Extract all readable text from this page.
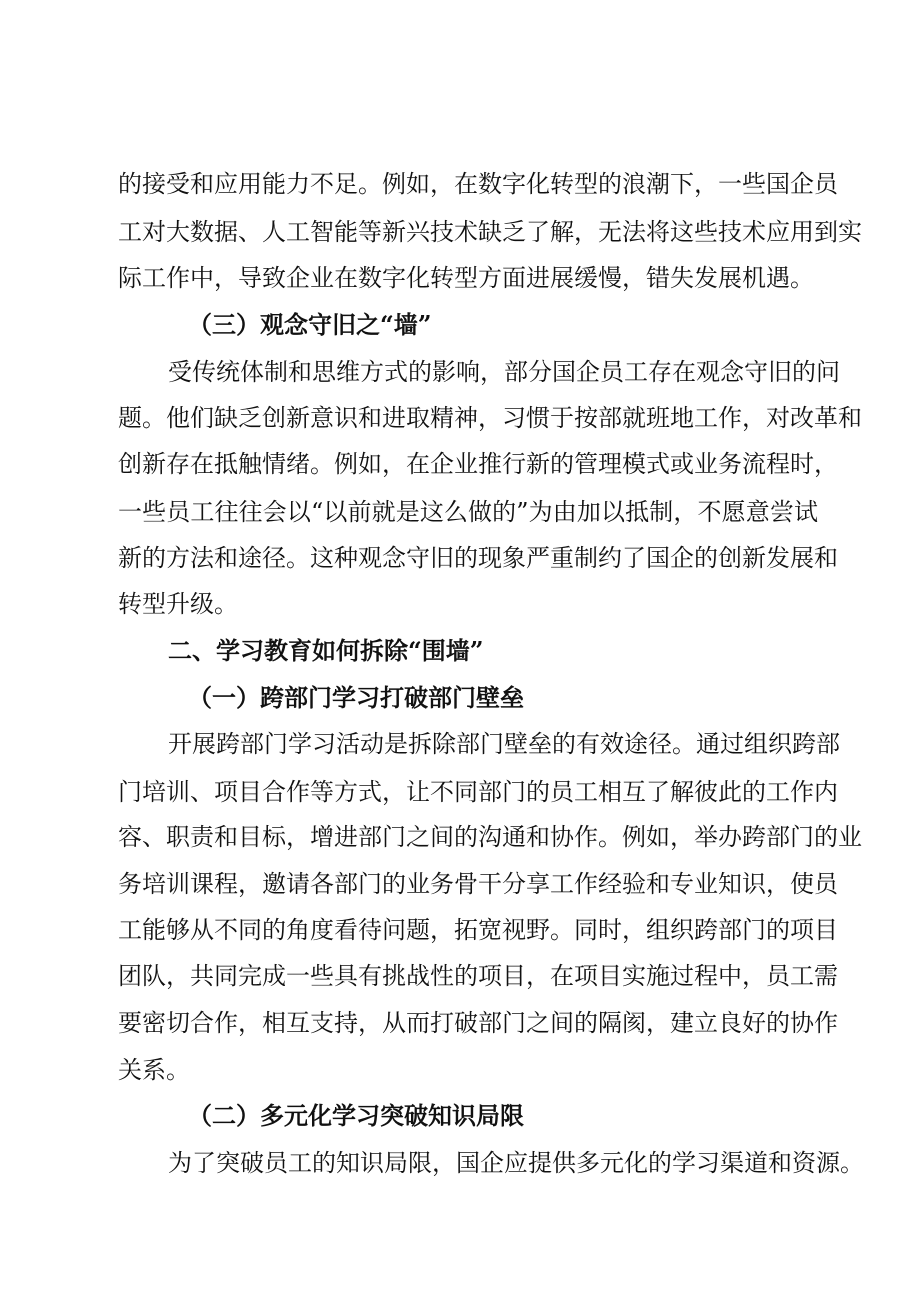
的接受和应用能力不足。例如，在数字化转型的浪潮下，一些国企员
工对大数据、人工智能等新兴技术缺乏了解，无法将这些技术应用到实
际工作中，导致企业在数字化转型方面进展缓慢，错失发展机遇。
（三）观念守旧之“墙”
受传统体制和思维方式的影响，部分国企员工存在观念守旧的问
题。他们缺乏创新意识和进取精神，习惯于按部就班地工作，对改革和
创新存在抵触情绪。例如，在企业推行新的管理模式或业务流程时，
一些员工往往会以“以前就是这么做的”为由加以抵制，不愿意尝试
新的方法和途径。这种观念守旧的现象严重制约了国企的创新发展和
转型升级。
二、学习教育如何拆除“围墙”
（一）跨部门学习打破部门壁垒
开展跨部门学习活动是拆除部门壁垒的有效途径。通过组织跨部
门培训、项目合作等方式，让不同部门的员工相互了解彼此的工作内
容、职责和目标，增进部门之间的沟通和协作。例如，举办跨部门的业
务培训课程，邀请各部门的业务骨干分享工作经验和专业知识，使员
工能够从不同的角度看待问题，拓宽视野。同时，组织跨部门的项目
团队，共同完成一些具有挑战性的项目，在项目实施过程中，员工需
要密切合作，相互支持，从而打破部门之间的隔阂，建立良好的协作
关系。
（二）多元化学习突破知识局限
为了突破员工的知识局限，国企应提供多元化的学习渠道和资源。
